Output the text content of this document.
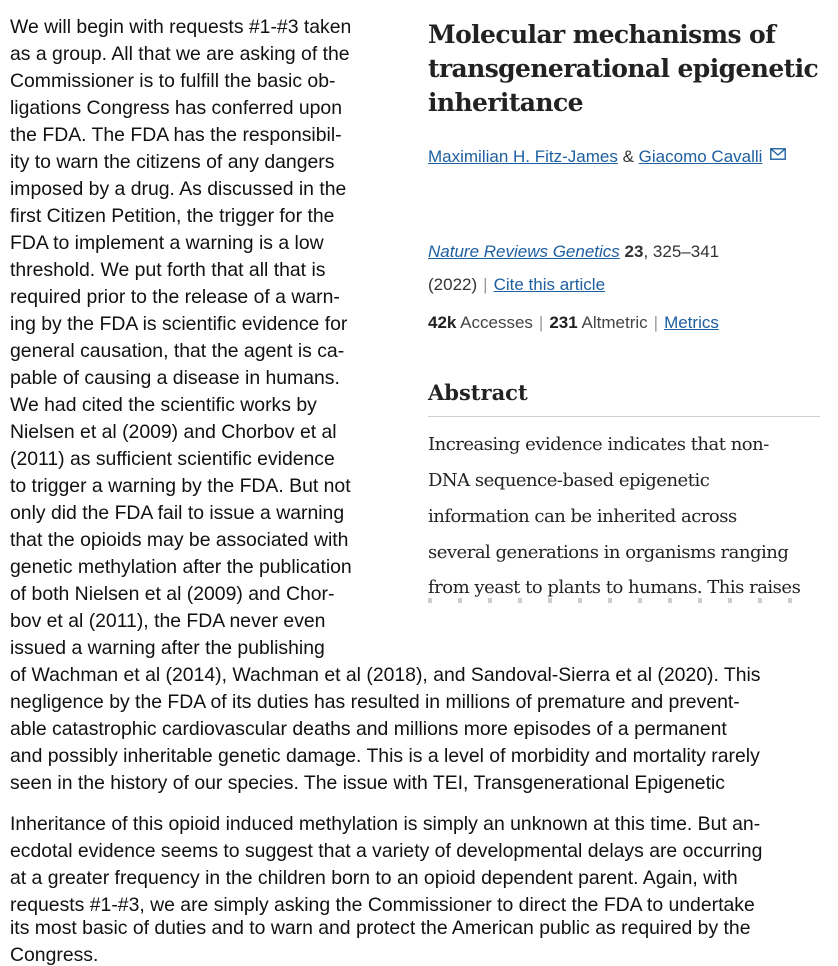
We will begin with requests #1-#3 taken
as a group. All that we are asking of the
Commissioner is to fulfill the basic ob-
ligations Congress has conferred upon
the FDA. The FDA has the responsibil-
ity to warn the citizens of any dangers
imposed by a drug. As discussed in the
first Citizen Petition, the trigger for the
FDA to implement a warning is a low
threshold. We put forth that all that is
required prior to the release of a warn-
ing by the FDA is scientific evidence for
general causation, that the agent is ca-
pable of causing a disease in humans.
We had cited the scientific works by
Nielsen et al (2009) and Chorbov et al
(2011) as sufficient scientific evidence
to trigger a warning by the FDA. But not
only did the FDA fail to issue a warning
that the opioids may be associated with
genetic methylation after the publication
of both Nielsen et al (2009) and Chor-
bov et al (2011), the FDA never even
issued a warning after the publishing
of Wachman et al (2014), Wachman et al (2018), and Sandoval-Sierra et al (2020). This
negligence by the FDA of its duties has resulted in millions of premature and prevent-
able catastrophic cardiovascular deaths and millions more episodes of a permanent
and possibly inheritable genetic damage. This is a level of morbidity and mortality rarely
seen in the history of our species. The issue with TEI, Transgenerational Epigenetic
Inheritance of this opioid induced methylation is simply an unknown at this time. But an-
ecdotal evidence seems to suggest that a variety of developmental delays are occurring
at a greater frequency in the children born to an opioid dependent parent. Again, with
requests #1-#3, we are simply asking the Commissioner to direct the FDA to undertake
its most basic of duties and to warn and protect the American public as required by the
Congress.
Molecular mechanisms of
transgenerational epigenetic
inheritance
Maximilian H. Fitz-James & Giacomo Cavalli
Nature Reviews Genetics 23, 325–341
(2022) | Cite this article
42k Accesses | 231 Altmetric | Metrics
Abstract
Increasing evidence indicates that non-
DNA sequence-based epigenetic
information can be inherited across
several generations in organisms ranging
from yeast to plants to humans. This raises
